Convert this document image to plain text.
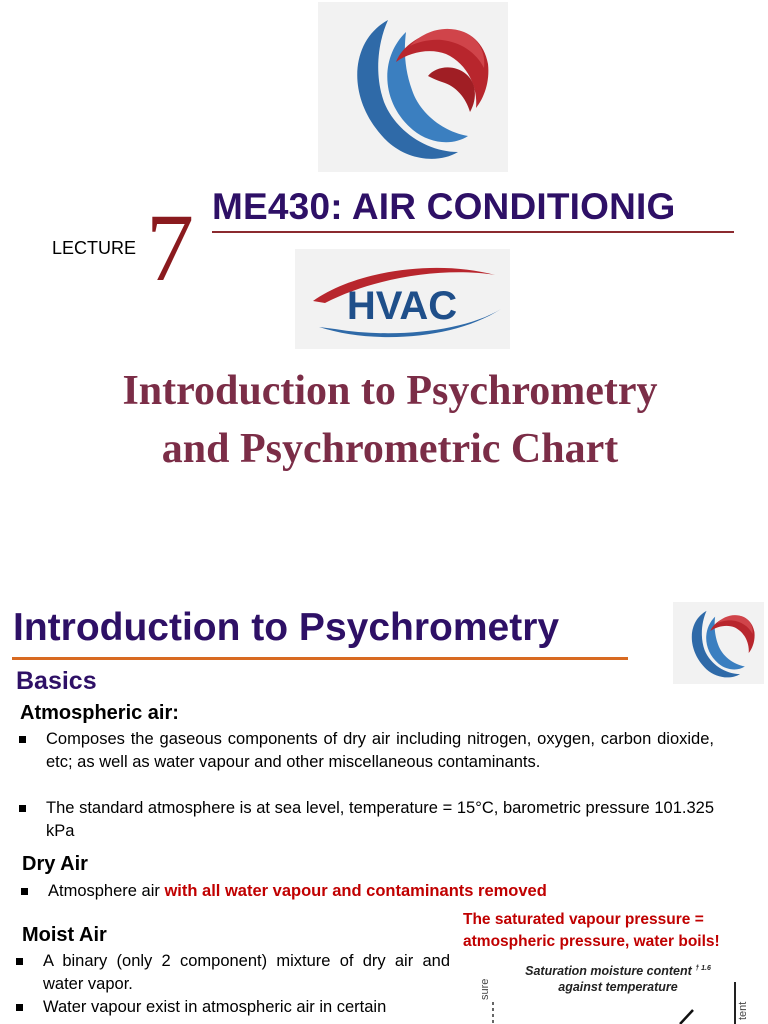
ME430: AIR CONDITIONIG
LECTURE 7
HVAC
Introduction to Psychrometry
and Psychrometric Chart
Introduction to Psychrometry
Basics
Atmospheric air:
Composes the gaseous components of dry air including nitrogen, oxygen, carbon dioxide, etc; as well as water vapour and other miscellaneous contaminants.
The standard atmosphere is at sea level, temperature = 15°C, barometric pressure 101.325 kPa
Dry Air
Atmosphere air with all water vapour and contaminants removed
Moist Air
A binary (only 2 component) mixture of dry air and water vapor.
Water vapour exist in atmospheric air in certain
The saturated vapour pressure =
atmospheric pressure, water boils!
Saturation moisture content $^{\dagger 1.6}$
against temperature
sure
tent
